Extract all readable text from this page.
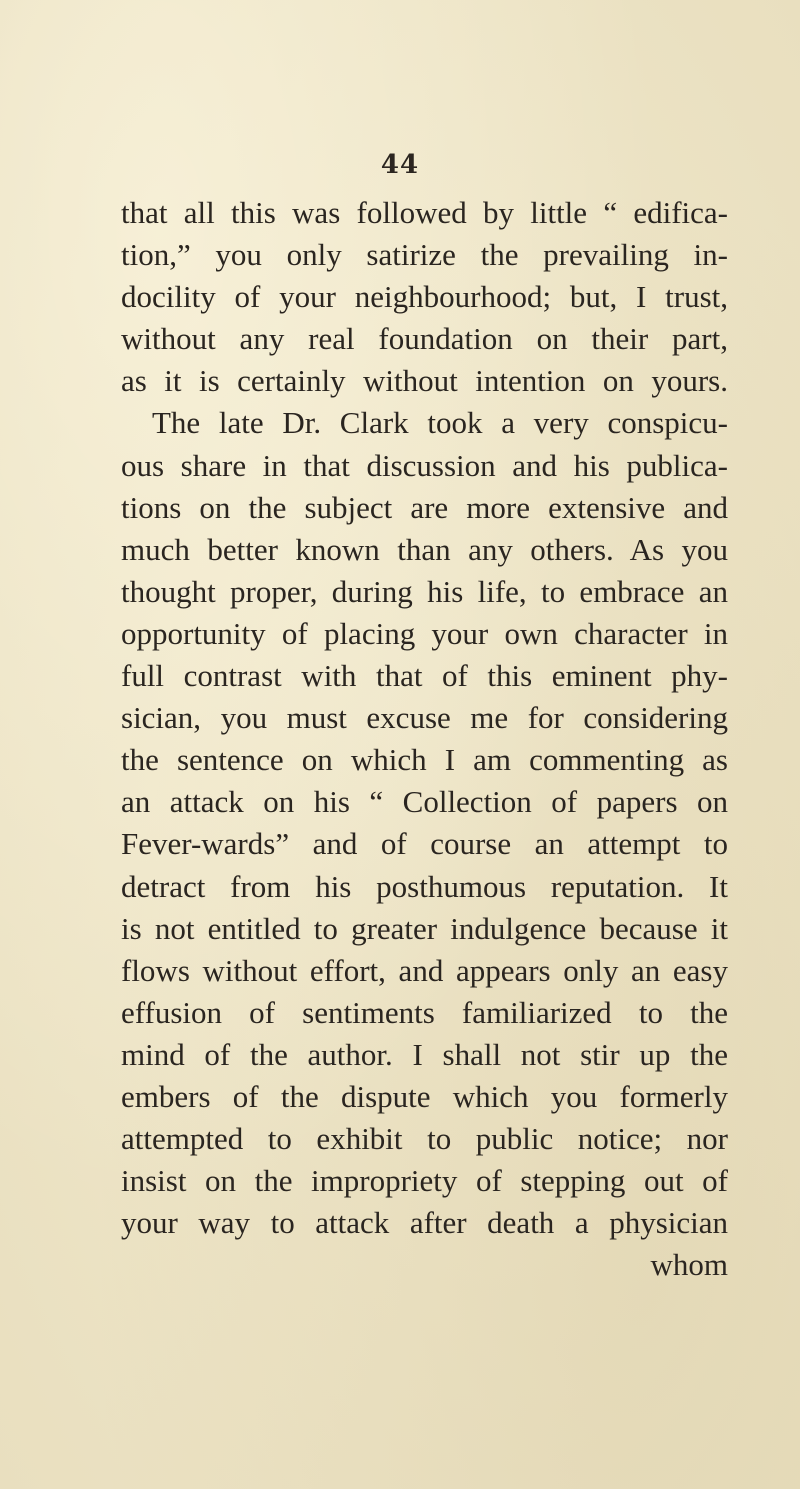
44
that all this was followed by little “ edifica-
tion,” you only satirize the prevailing in-
docility of your neighbourhood; but, I trust,
without any real foundation on their part,
as it is certainly without intention on yours.
The late Dr. Clark took a very conspicu-
ous share in that discussion and his publica-
tions on the subject are more extensive and
much better known than any others. As you
thought proper, during his life, to embrace an
opportunity of placing your own character in
full contrast with that of this eminent phy-
sician, you must excuse me for considering
the sentence on which I am commenting as
an attack on his “ Collection of papers on
Fever-wards” and of course an attempt to
detract from his posthumous reputation. It
is not entitled to greater indulgence because it
flows without effort, and appears only an easy
effusion of sentiments familiarized to the
mind of the author. I shall not stir up the
embers of the dispute which you formerly
attempted to exhibit to public notice; nor
insist on the impropriety of stepping out of
your way to attack after death a physician
whom
